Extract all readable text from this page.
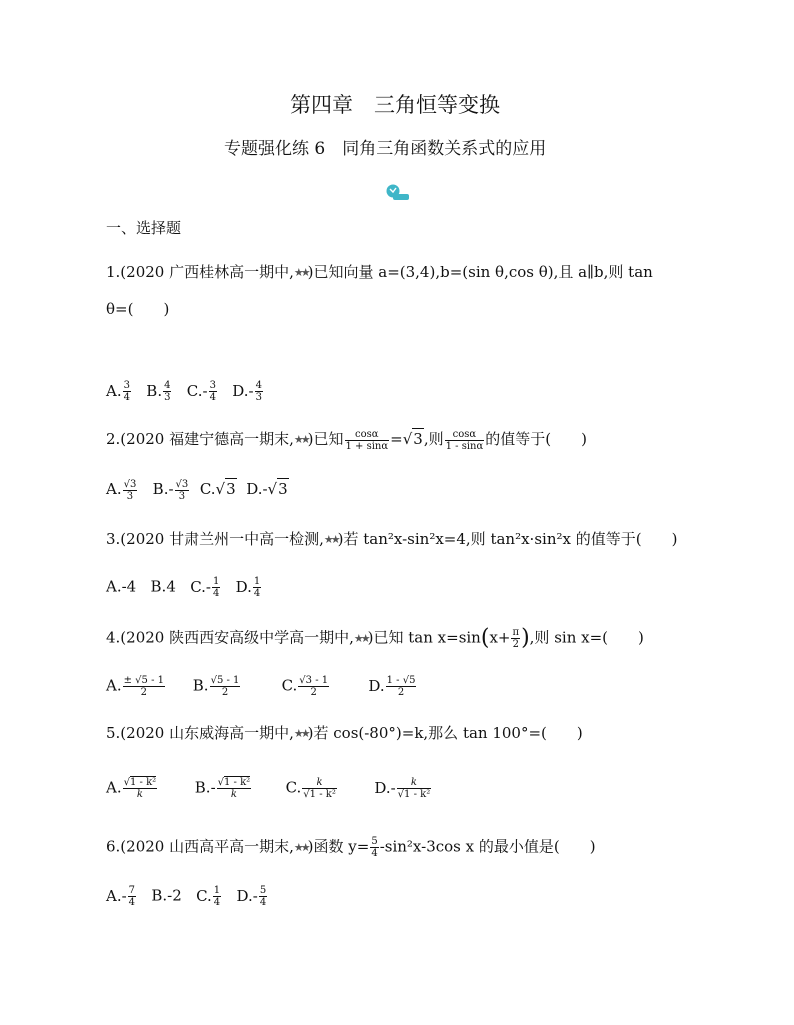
第四章　三角恒等变换
专题强化练 6　同角三角函数关系式的应用
一、选择题
1.(2020 广西桂林高一期中,★★)已知向量 a=(3,4),b=(sin θ,cos θ),且 a∥b,则 tan
θ=(　　)
A. $\frac{3}{4} B$. $\frac{4}{3} C.- \frac{3}{4} D.- \frac{4}{3}$
2.(2020 福建宁德高一期末,★★)已知 $\frac{\cos\alpha}{1 + \sin\alpha} =√3$,则 $\frac{\cos\alpha}{1 - \sin\alpha}$ 的值等于(　　)
A. $\frac{√3}{3} B.- \frac{√3}{3} C.√3$ D.-√3
3.(2020 甘肃兰州一中高一检测,★★)若 tan²x-sin²x=4,则 tan²x·sin²x 的值等于(　　)
A.-4 B.4 $C.- \frac{1}{4} D$. $\frac{1}{4}$
4.(2020 陕西西安高级中学高一期中,★★)已知 $\tan x=\sin(x+ \frac{\pi}{2}$ ),则 sin x=(　　)
A. $\frac{\pm √5 - 1}{2} B$. $\frac{√5 - 1}{2}$	C. $\frac{√3 - 1}{2}$	D. $\frac{1 - √5}{2}$
5.(2020 山东威海高一期中,★★)若 cos(-80°)=k,那么 tan 100°=(　　)
A. $\frac{\text{√1 - k²}}{k}$	$B.- \frac{\text{√1 - k²}}{k} C$. $\frac{k}{\text{√1 - k²}}$	$D.- \frac{k}{\text{√1 - k²}}$
6.(2020 山西高平高一期末,★★)函数 $y= \frac{5}{4} -\sin^2x-3\cos$ x 的最小值是(　　)
$A.- \frac{7}{4} B.-2$ C. $\frac{1}{4} D.- \frac{5}{4}$
